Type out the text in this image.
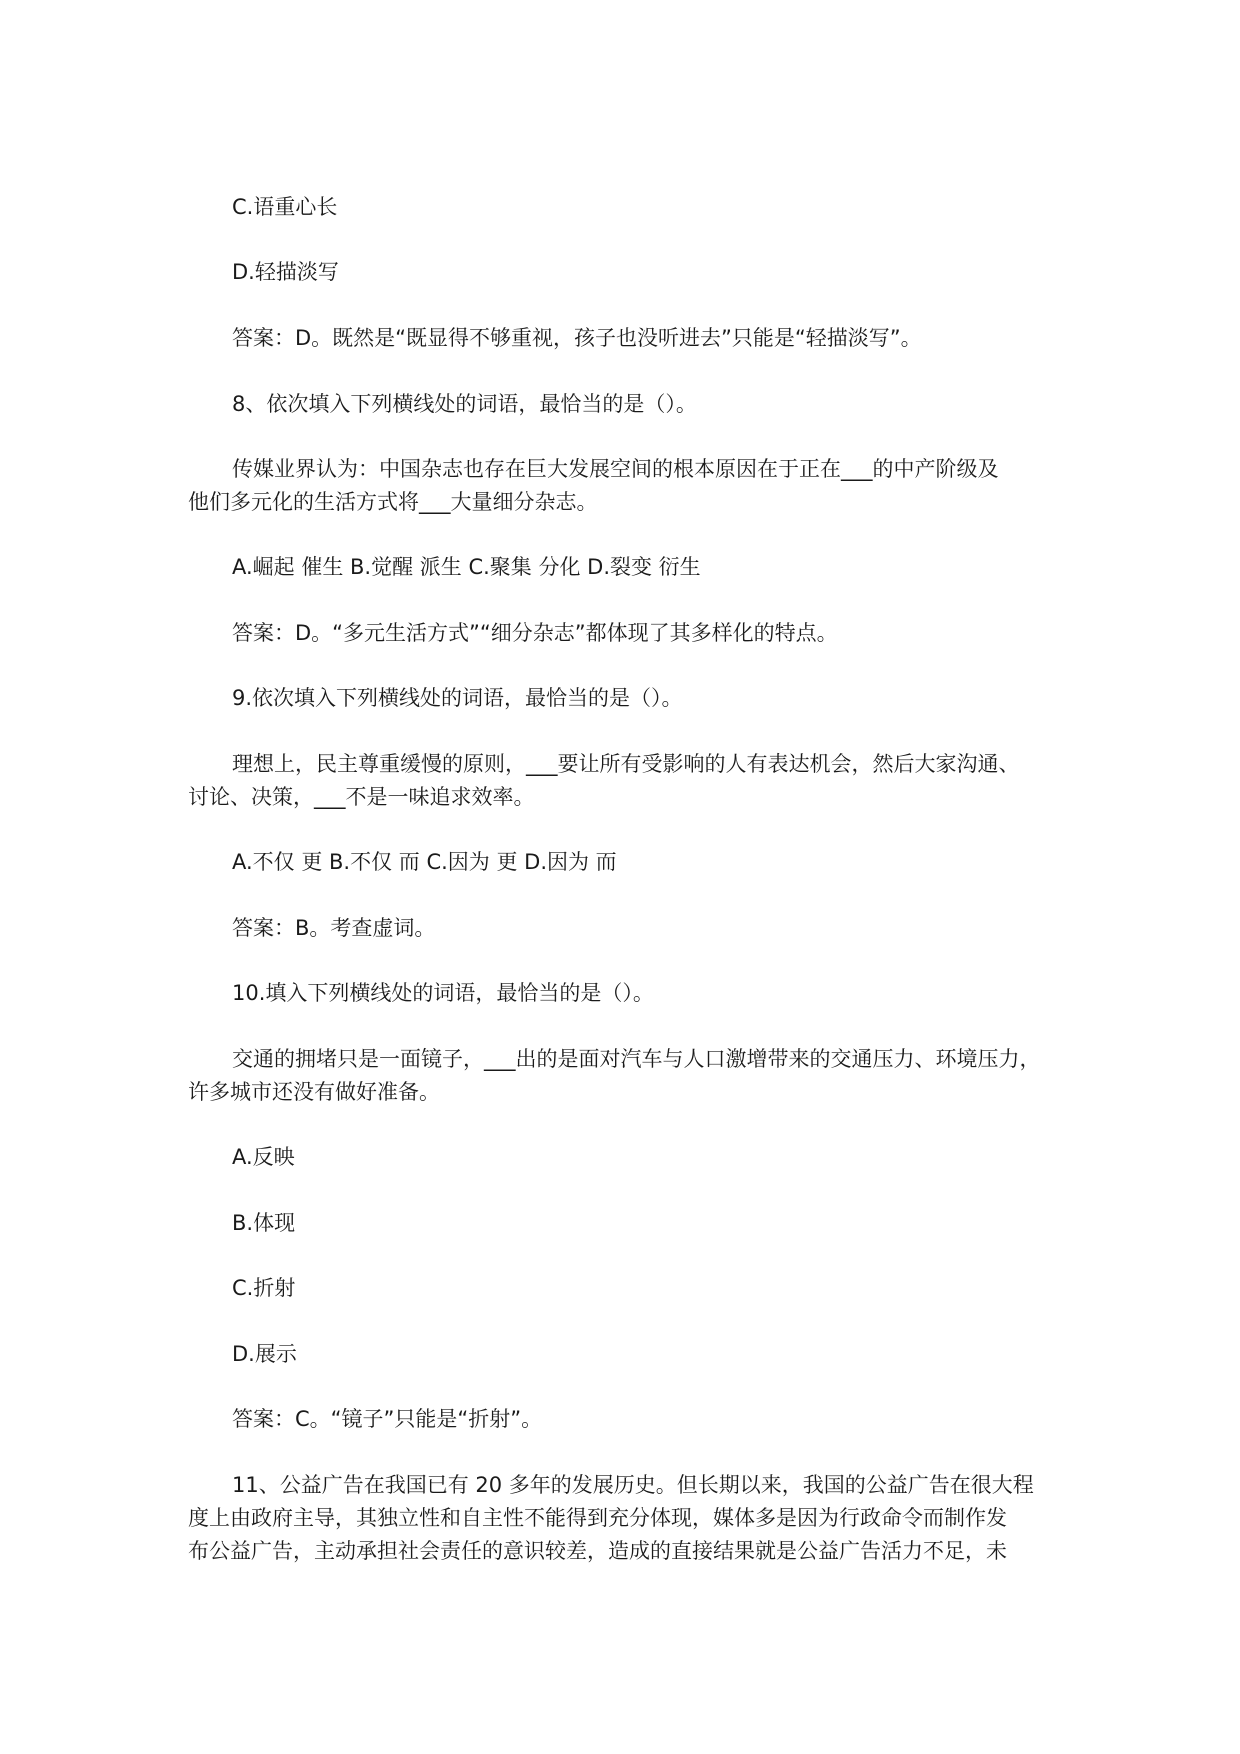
C.语重心长

D.轻描淡写

答案：D。既然是“既显得不够重视，孩子也没听进去”只能是“轻描淡写”。

8、依次填入下列横线处的词语，最恰当的是（）。

传媒业界认为：中国杂志也存在巨大发展空间的根本原因在于正在___的中产阶级及

他们多元化的生活方式将___大量细分杂志。

A.崛起 催生 B.觉醒 派生 C.聚集 分化 D.裂变 衍生

答案：D。“多元生活方式”“细分杂志”都体现了其多样化的特点。

9.依次填入下列横线处的词语，最恰当的是（）。

理想上，民主尊重缓慢的原则，___要让所有受影响的人有表达机会，然后大家沟通、

讨论、决策，___不是一味追求效率。

A.不仅 更 B.不仅 而 C.因为 更 D.因为 而

答案：B。考查虚词。

10.填入下列横线处的词语，最恰当的是（）。

交通的拥堵只是一面镜子，___出的是面对汽车与人口激增带来的交通压力、环境压力，

许多城市还没有做好准备。

A.反映

B.体现

C.折射

D.展示

答案：C。“镜子”只能是“折射”。

11、公益广告在我国已有 20 多年的发展历史。但长期以来，我国的公益广告在很大程

度上由政府主导，其独立性和自主性不能得到充分体现，媒体多是因为行政命令而制作发

布公益广告，主动承担社会责任的意识较差，造成的直接结果就是公益广告活力不足，未
